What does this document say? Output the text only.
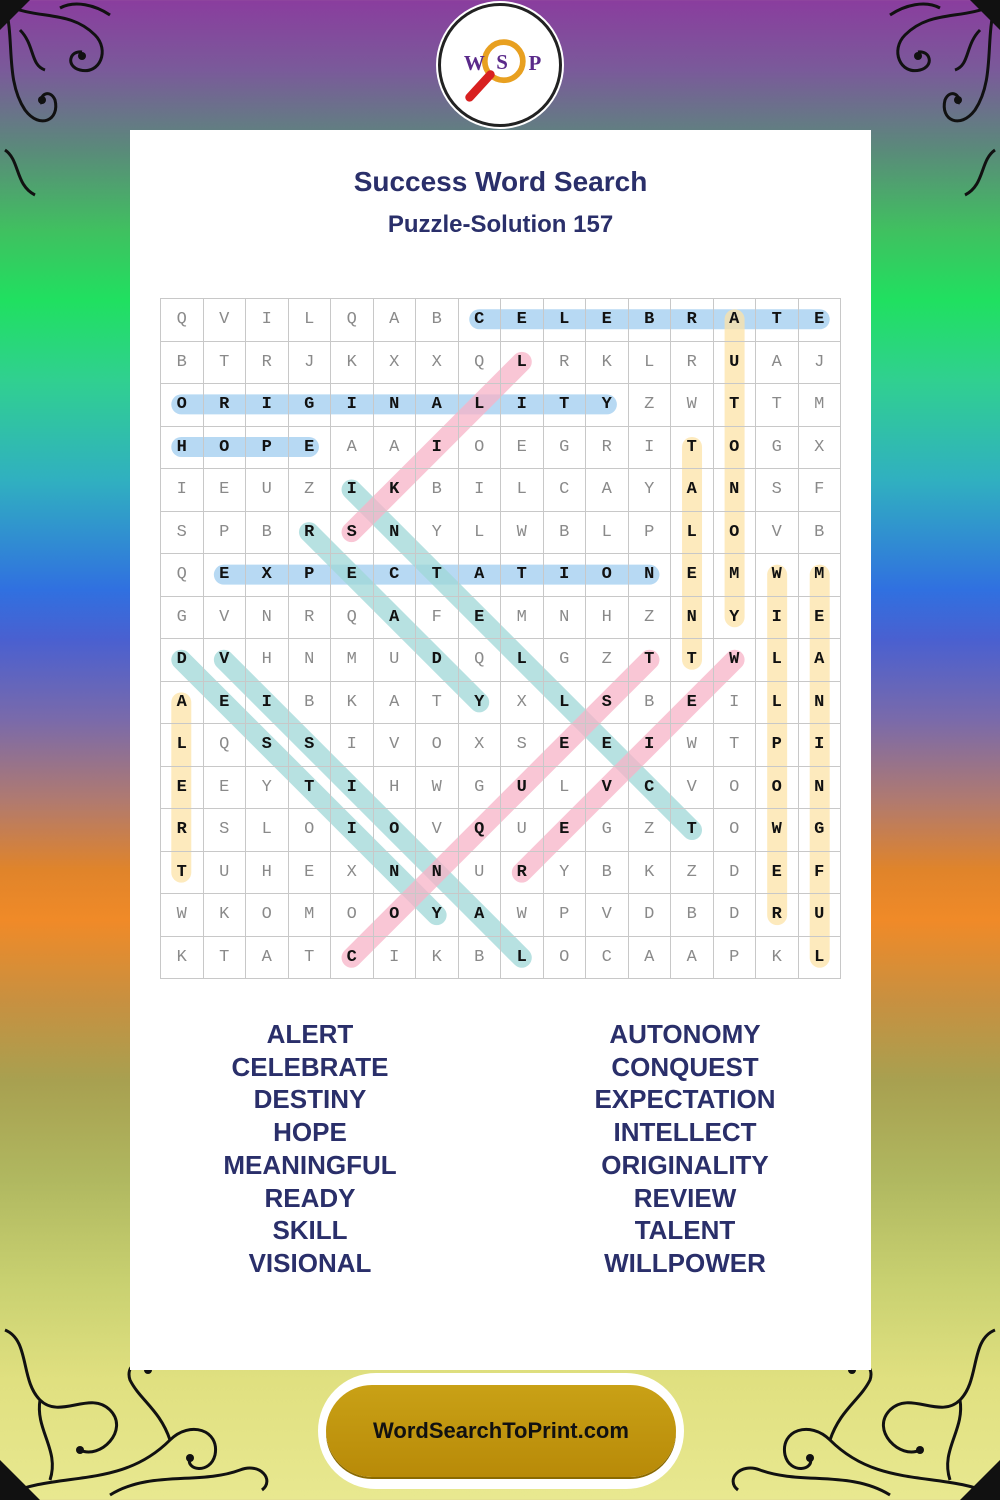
Success Word Search
Puzzle-Solution 157
Q	V	I	L	Q	A	B	C	E	L	E	B	R	A	T	E
B	T	R	J	K	X	X	Q	L	R	K	L	R	U	A	J
O	R	I	G	I	N	A	L	I	T	Y	Z	W	T	T	M
H	O	P	E	A	A	I	O	E	G	R	I	T	O	G	X
I	E	U	Z	I	K	B	I	L	C	A	Y	A	N	S	F
S	P	B	R	S	N	Y	L	W	B	L	P	L	O	V	B
Q	E	X	P	E	C	T	A	T	I	O	N	E	M	W	M
G	V	N	R	Q	A	F	E	M	N	H	Z	N	Y	I	E
D	V	H	N	M	U	D	Q	L	G	Z	T	T	W	L	A
A	E	I	B	K	A	T	Y	X	L	S	B	E	I	L	N
L	Q	S	S	I	V	O	X	S	E	E	I	W	T	P	I
E	E	Y	T	I	H	W	G	U	L	V	C	V	O	O	N
R	S	L	O	I	O	V	Q	U	E	G	Z	T	O	W	G
T	U	H	E	X	N	N	U	R	Y	B	K	Z	D	E	F
W	K	O	M	O	O	Y	A	W	P	V	D	B	D	R	U
K	T	A	T	C	I	K	B	L	O	C	A	A	P	K	L
ALERT
CELEBRATE
DESTINY
HOPE
MEANINGFUL
READY
SKILL
VISIONAL
AUTONOMY
CONQUEST
EXPECTATION
INTELLECT
ORIGINALITY
REVIEW
TALENT
WILLPOWER
W S P
WordSearchToPrint.com
